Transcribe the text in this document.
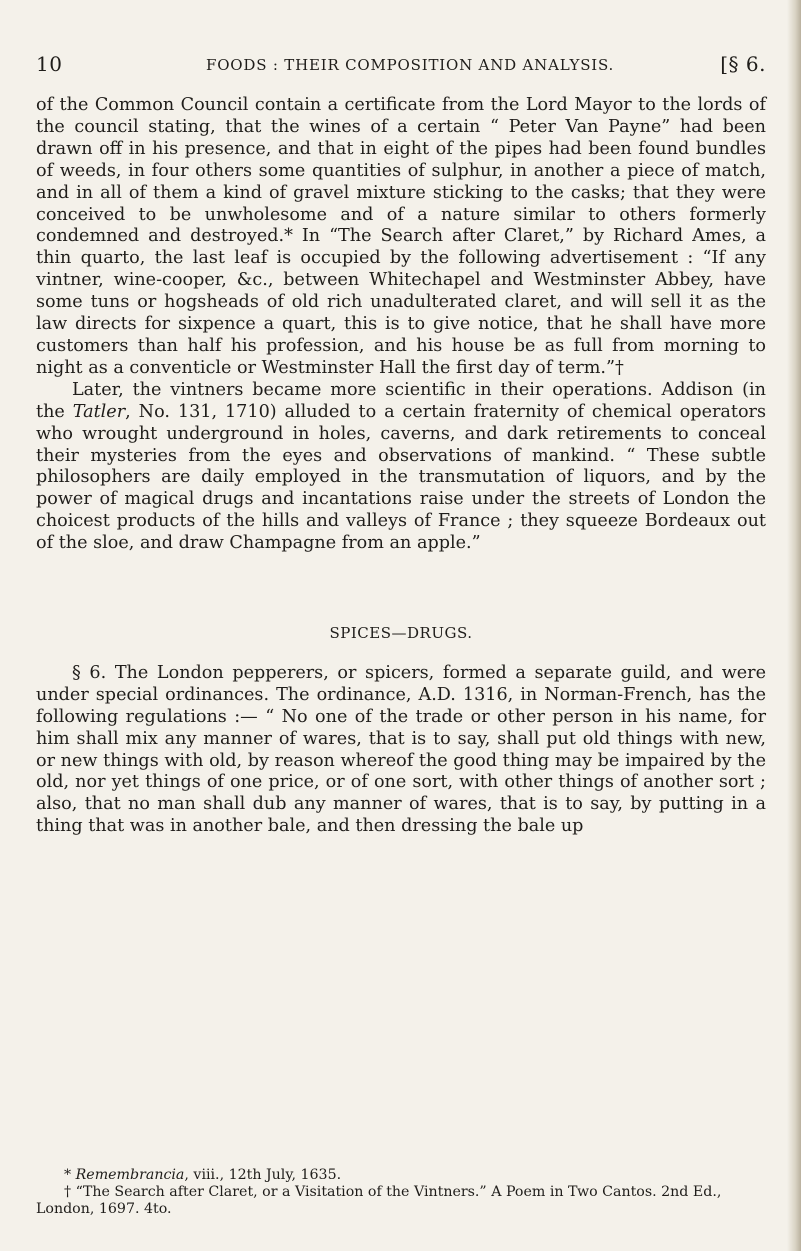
10	FOODS : THEIR COMPOSITION AND ANALYSIS.	[§ 6.

of the Common Council contain a certificate from the Lord Mayor to the lords of the council stating, that the wines of a certain “ Peter Van Payne” had been drawn off in his presence, and that in eight of the pipes had been found bundles of weeds, in four others some quantities of sulphur, in another a piece of match, and in all of them a kind of gravel mixture sticking to the casks; that they were conceived to be unwholesome and of a nature similar to others formerly condemned and destroyed.* In “The Search after Claret,” by Richard Ames, a thin quarto, the last leaf is occupied by the following advertisement : “If any vintner, wine-cooper, &c., between Whitechapel and Westminster Abbey, have some tuns or hogsheads of old rich unadulterated claret, and will sell it as the law directs for sixpence a quart, this is to give notice, that he shall have more customers than half his profession, and his house be as full from morning to night as a conventicle or Westminster Hall the first day of term.”†

Later, the vintners became more scientific in their operations. Addison (in the Tatler, No. 131, 1710) alluded to a certain fraternity of chemical operators who wrought underground in holes, caverns, and dark retirements to conceal their mysteries from the eyes and observations of mankind. “ These subtle philosophers are daily employed in the transmutation of liquors, and by the power of magical drugs and incantations raise under the streets of London the choicest products of the hills and valleys of France ; they squeeze Bordeaux out of the sloe, and draw Champagne from an apple.”

SPICES—DRUGS.

§ 6. The London pepperers, or spicers, formed a separate guild, and were under special ordinances. The ordinance, A.D. 1316, in Norman-French, has the following regulations :— “ No one of the trade or other person in his name, for him shall mix any manner of wares, that is to say, shall put old things with new, or new things with old, by reason whereof the good thing may be impaired by the old, nor yet things of one price, or of one sort, with other things of another sort ; also, that no man shall dub any manner of wares, that is to say, by putting in a thing that was in another bale, and then dressing the bale up

* Remembrancia, viii., 12th July, 1635.

† “The Search after Claret, or a Visitation of the Vintners.” A Poem in Two Cantos. 2nd Ed., London, 1697. 4to.
